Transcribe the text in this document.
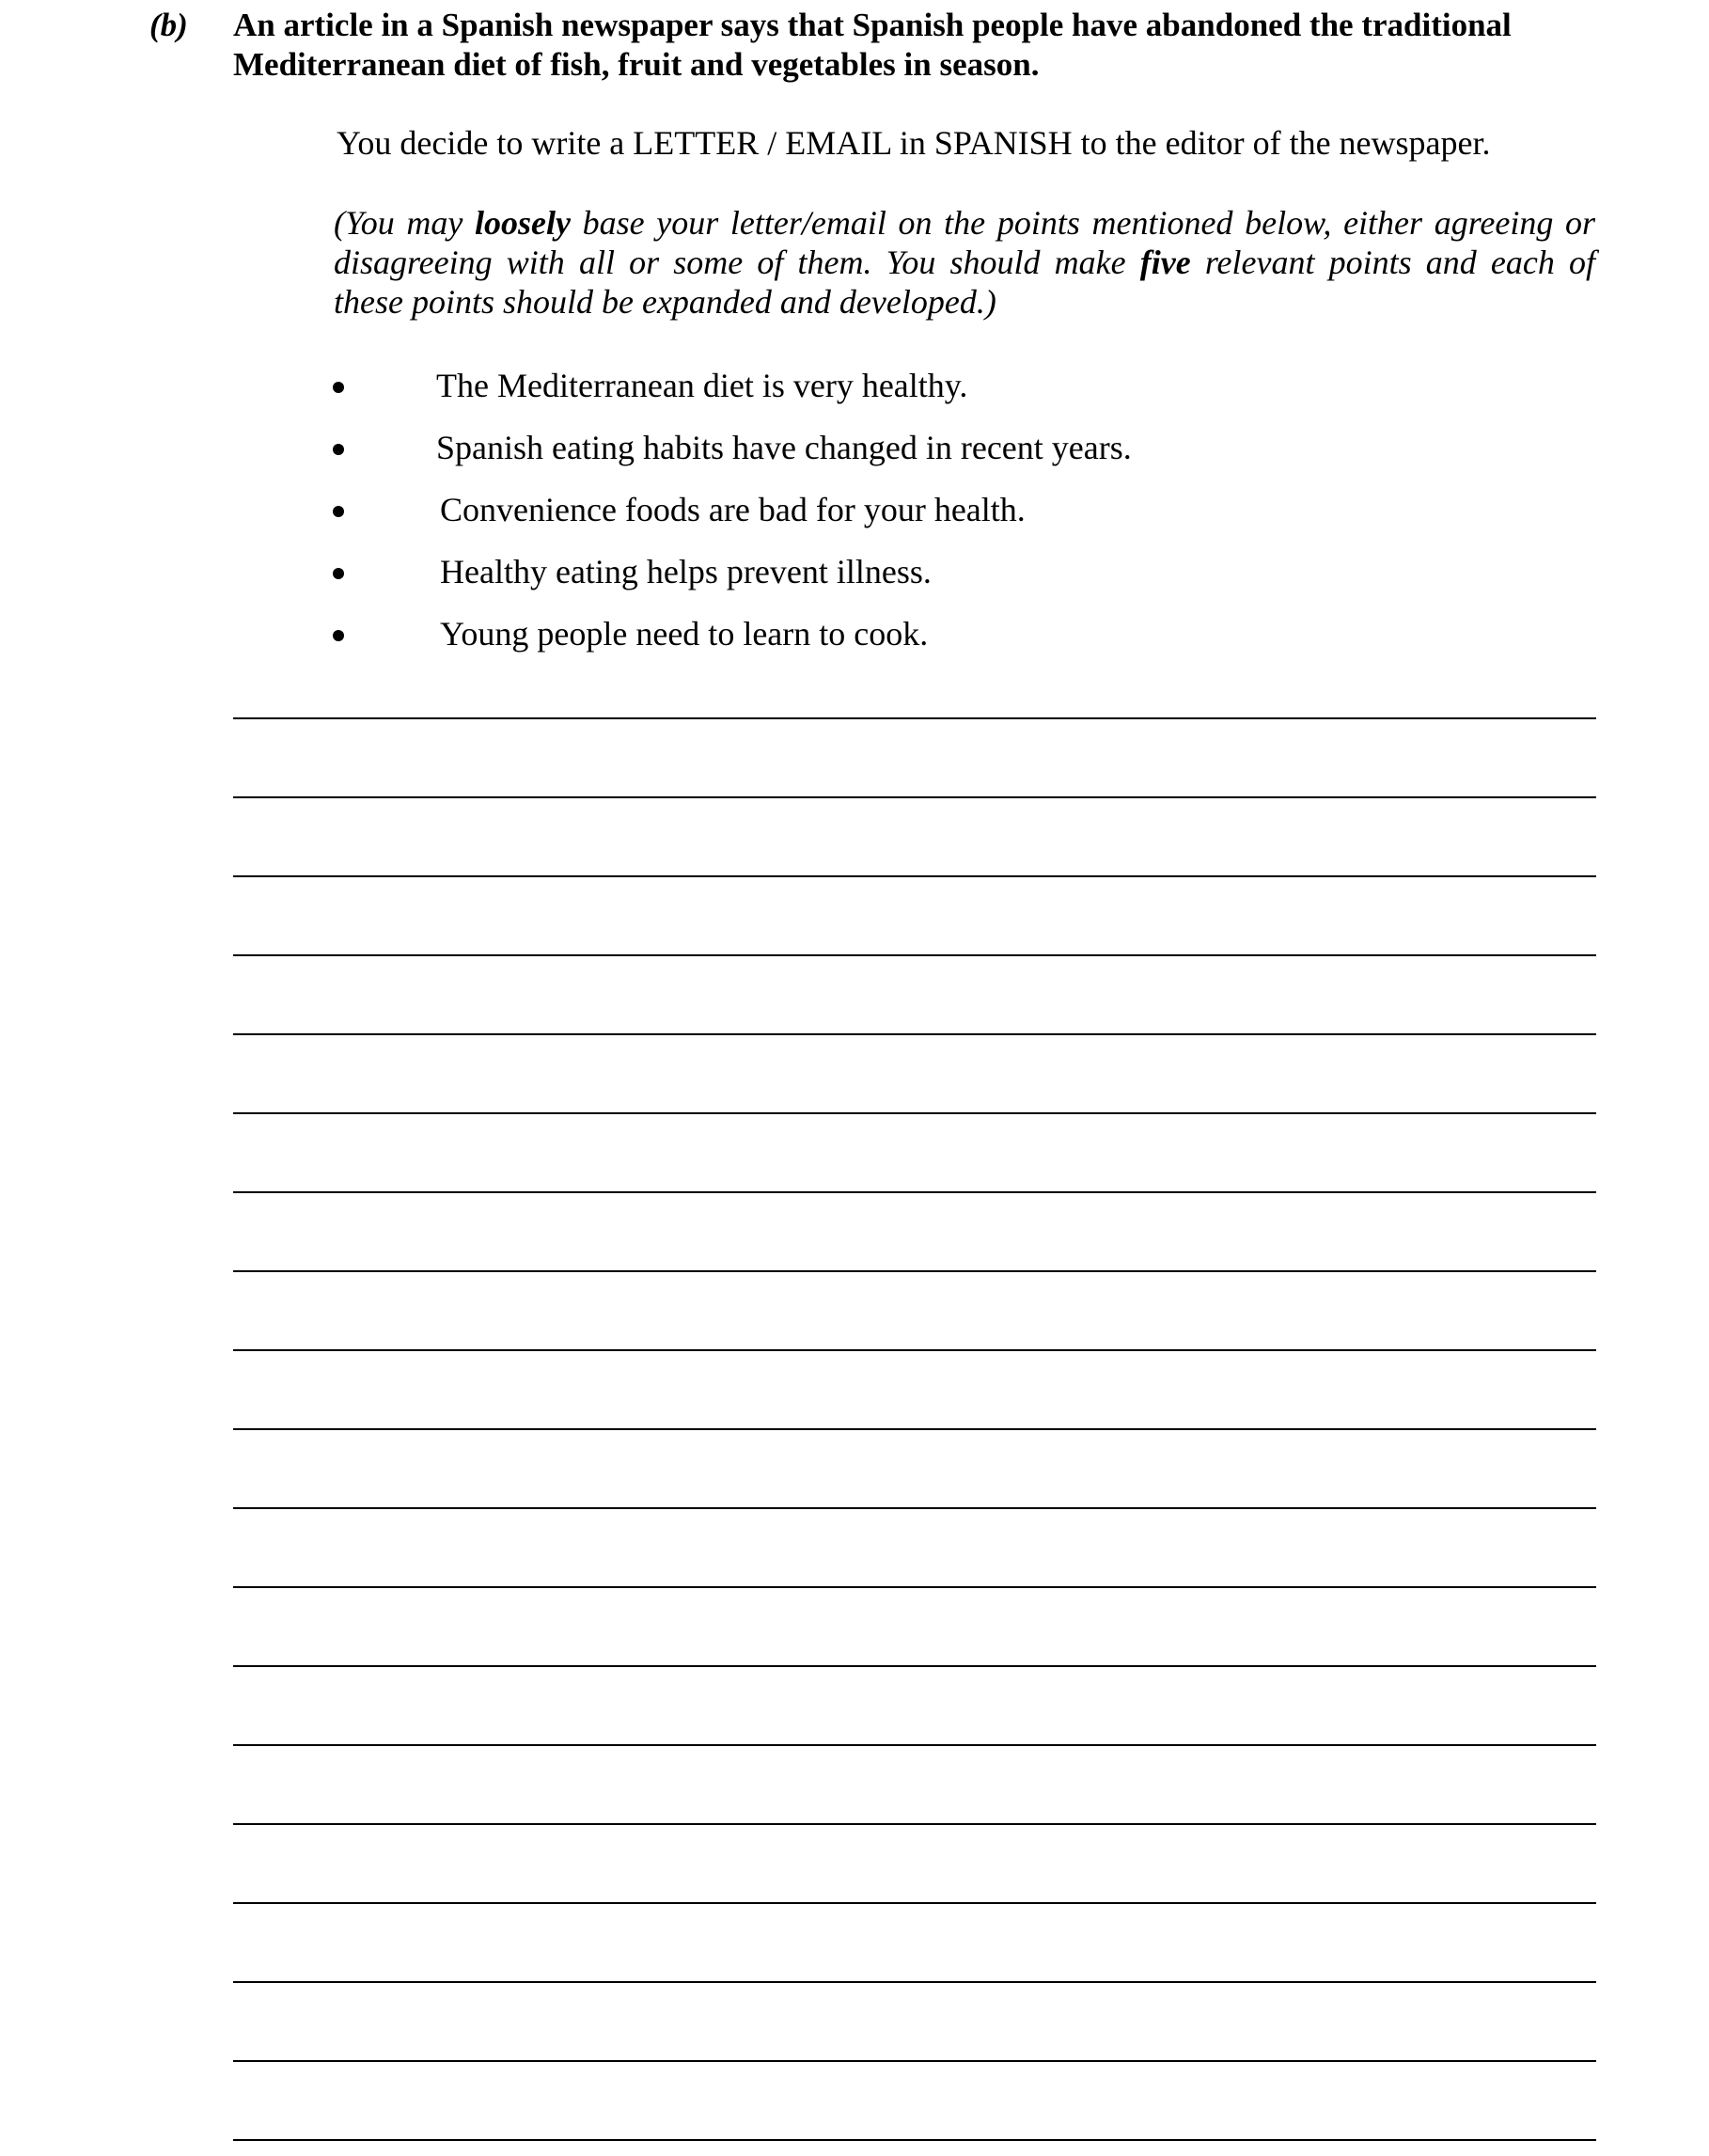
(b) An article in a Spanish newspaper says that Spanish people have abandoned the traditional
Mediterranean diet of fish, fruit and vegetables in season.
You decide to write a LETTER / EMAIL in SPANISH to the editor of the newspaper.
(You may loosely base your letter/email on the points mentioned below, either agreeing or
disagreeing with all or some of them. You should make five relevant points and each of
these points should be expanded and developed.)
The Mediterranean diet is very healthy.
Spanish eating habits have changed in recent years.
Convenience foods are bad for your health.
Healthy eating helps prevent illness.
Young people need to learn to cook.
